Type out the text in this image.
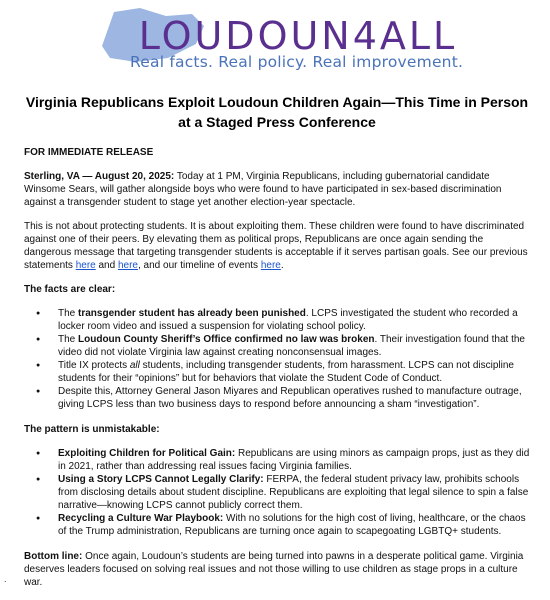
LOUDOUN4ALL
Real facts. Real policy. Real improvement.
Virginia Republicans Exploit Loudoun Children Again—This Time in Person at a Staged Press Conference

FOR IMMEDIATE RELEASE

Sterling, VA — August 20, 2025: Today at 1 PM, Virginia Republicans, including gubernatorial candidate Winsome Sears, will gather alongside boys who were found to have participated in sex-based discrimination against a transgender student to stage yet another election-year spectacle.

This is not about protecting students. It is about exploiting them. These children were found to have discriminated against one of their peers. By elevating them as political props, Republicans are once again sending the dangerous message that targeting transgender students is acceptable if it serves partisan goals. See our previous statements here and here, and our timeline of events here.

The facts are clear:

● The transgender student has already been punished. LCPS investigated the student who recorded a locker room video and issued a suspension for violating school policy.
● The Loudoun County Sheriff’s Office confirmed no law was broken. Their investigation found that the video did not violate Virginia law against creating nonconsensual images.
● Title IX protects all students, including transgender students, from harassment. LCPS can not discipline students for their “opinions” but for behaviors that violate the Student Code of Conduct.
● Despite this, Attorney General Jason Miyares and Republican operatives rushed to manufacture outrage, giving LCPS less than two business days to respond before announcing a sham “investigation”.

The pattern is unmistakable:

● Exploiting Children for Political Gain: Republicans are using minors as campaign props, just as they did in 2021, rather than addressing real issues facing Virginia families.
● Using a Story LCPS Cannot Legally Clarify: FERPA, the federal student privacy law, prohibits schools from disclosing details about student discipline. Republicans are exploiting that legal silence to spin a false narrative—knowing LCPS cannot publicly correct them.
● Recycling a Culture War Playbook: With no solutions for the high cost of living, healthcare, or the chaos of the Trump administration, Republicans are turning once again to scapegoating LGBTQ+ students.

Bottom line: Once again, Loudoun’s students are being turned into pawns in a desperate political game. Virginia deserves leaders focused on solving real issues and not those willing to use children as stage props in a culture war.

.
